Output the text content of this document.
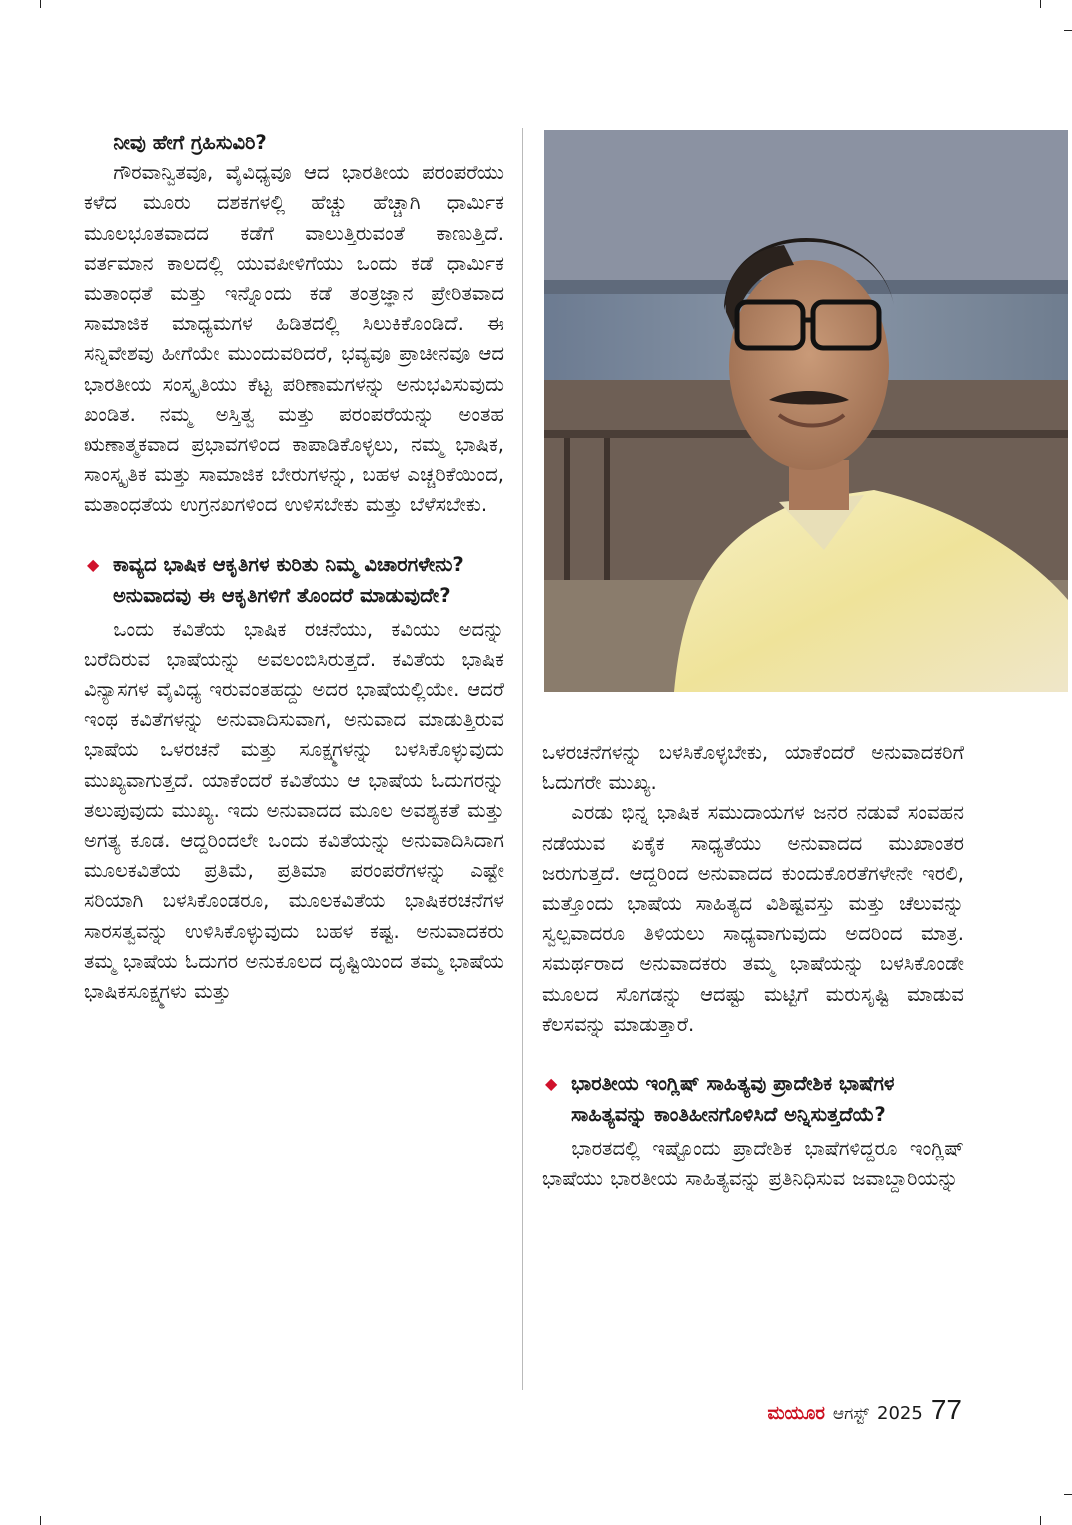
ನೀವು ಹೇಗೆ ಗ್ರಹಿಸುವಿರಿ?

ಗೌರವಾನ್ವಿತವೂ, ವೈವಿಧ್ಯವೂ ಆದ ಭಾರತೀಯ ಪರಂಪರೆಯು ಕಳೆದ ಮೂರು ದಶಕಗಳಲ್ಲಿ ಹೆಚ್ಚು ಹೆಚ್ಚಾಗಿ ಧಾರ್ಮಿಕ ಮೂಲಭೂತವಾದದ ಕಡೆಗೆ ವಾಲುತ್ತಿರುವಂತೆ ಕಾಣುತ್ತಿದೆ. ವರ್ತಮಾನ ಕಾಲದಲ್ಲಿ ಯುವಪೀಳಿಗೆಯು ಒಂದು ಕಡೆ ಧಾರ್ಮಿಕ ಮತಾಂಧತೆ ಮತ್ತು ಇನ್ನೊಂದು ಕಡೆ ತಂತ್ರಜ್ಞಾನ ಪ್ರೇರಿತವಾದ ಸಾಮಾಜಿಕ ಮಾಧ್ಯಮಗಳ ಹಿಡಿತದಲ್ಲಿ ಸಿಲುಕಿಕೊಂಡಿದೆ. ಈ ಸನ್ನಿವೇಶವು ಹೀಗೆಯೇ ಮುಂದುವರಿದರೆ, ಭವ್ಯವೂ ಪ್ರಾಚೀನವೂ ಆದ ಭಾರತೀಯ ಸಂಸ್ಕೃತಿಯು ಕೆಟ್ಟ ಪರಿಣಾಮಗಳನ್ನು ಅನುಭವಿಸುವುದು ಖಂಡಿತ. ನಮ್ಮ ಅಸ್ತಿತ್ವ ಮತ್ತು ಪರಂಪರೆಯನ್ನು ಅಂತಹ ಋಣಾತ್ಮಕವಾದ ಪ್ರಭಾವಗಳಿಂದ ಕಾಪಾಡಿಕೊಳ್ಳಲು, ನಮ್ಮ ಭಾಷಿಕ, ಸಾಂಸ್ಕೃತಿಕ ಮತ್ತು ಸಾಮಾಜಿಕ ಬೇರುಗಳನ್ನು, ಬಹಳ ಎಚ್ಚರಿಕೆಯಿಂದ, ಮತಾಂಧತೆಯ ಉಗ್ರನಖಗಳಿಂದ ಉಳಿಸಬೇಕು ಮತ್ತು ಬೆಳೆಸಬೇಕು.

◆ ಕಾವ್ಯದ ಭಾಷಿಕ ಆಕೃತಿಗಳ ಕುರಿತು ನಿಮ್ಮ ವಿಚಾರಗಳೇನು? ಅನುವಾದವು ಈ ಆಕೃತಿಗಳಿಗೆ ತೊಂದರೆ ಮಾಡುವುದೇ?

ಒಂದು ಕವಿತೆಯ ಭಾಷಿಕ ರಚನೆಯು, ಕವಿಯು ಅದನ್ನು ಬರೆದಿರುವ ಭಾಷೆಯನ್ನು ಅವಲಂಬಿಸಿರುತ್ತದೆ. ಕವಿತೆಯ ಭಾಷಿಕ ವಿನ್ಯಾಸಗಳ ವೈವಿಧ್ಯ ಇರುವಂತಹದ್ದು ಅದರ ಭಾಷೆಯಲ್ಲಿಯೇ. ಆದರೆ ಇಂಥ ಕವಿತೆಗಳನ್ನು ಅನುವಾದಿಸುವಾಗ, ಅನುವಾದ ಮಾಡುತ್ತಿರುವ ಭಾಷೆಯ ಒಳರಚನೆ ಮತ್ತು ಸೂಕ್ಷ್ಮಗಳನ್ನು ಬಳಸಿಕೊಳ್ಳುವುದು ಮುಖ್ಯವಾಗುತ್ತದೆ. ಯಾಕೆಂದರೆ ಕವಿತೆಯು ಆ ಭಾಷೆಯ ಓದುಗರನ್ನು ತಲುಪುವುದು ಮುಖ್ಯ. ಇದು ಅನುವಾದದ ಮೂಲ ಅವಶ್ಯಕತೆ ಮತ್ತು ಅಗತ್ಯ ಕೂಡ. ಆದ್ದರಿಂದಲೇ ಒಂದು ಕವಿತೆಯನ್ನು ಅನುವಾದಿಸಿದಾಗ ಮೂಲಕವಿತೆಯ ಪ್ರತಿಮೆ, ಪ್ರತಿಮಾ ಪರಂಪರೆಗಳನ್ನು ಎಷ್ಟೇ ಸರಿಯಾಗಿ ಬಳಸಿಕೊಂಡರೂ, ಮೂಲಕವಿತೆಯ ಭಾಷಿಕರಚನೆಗಳ ಸಾರಸತ್ವವನ್ನು ಉಳಿಸಿಕೊಳ್ಳುವುದು ಬಹಳ ಕಷ್ಟ. ಅನುವಾದಕರು ತಮ್ಮ ಭಾಷೆಯ ಓದುಗರ ಅನುಕೂಲದ ದೃಷ್ಟಿಯಿಂದ ತಮ್ಮ ಭಾಷೆಯ ಭಾಷಿಕಸೂಕ್ಷ್ಮಗಳು ಮತ್ತು

ಒಳರಚನೆಗಳನ್ನು ಬಳಸಿಕೊಳ್ಳಬೇಕು, ಯಾಕೆಂದರೆ ಅನುವಾದಕರಿಗೆ ಓದುಗರೇ ಮುಖ್ಯ.

ಎರಡು ಭಿನ್ನ ಭಾಷಿಕ ಸಮುದಾಯಗಳ ಜನರ ನಡುವೆ ಸಂವಹನ ನಡೆಯುವ ಏಕೈಕ ಸಾಧ್ಯತೆಯು ಅನುವಾದದ ಮುಖಾಂತರ ಜರುಗುತ್ತದೆ. ಆದ್ದರಿಂದ ಅನುವಾದದ ಕುಂದುಕೊರತೆಗಳೇನೇ ಇರಲಿ, ಮತ್ತೊಂದು ಭಾಷೆಯ ಸಾಹಿತ್ಯದ ವಿಶಿಷ್ಟವಸ್ತು ಮತ್ತು ಚೆಲುವನ್ನು ಸ್ವಲ್ಪವಾದರೂ ತಿಳಿಯಲು ಸಾಧ್ಯವಾಗುವುದು ಅದರಿಂದ ಮಾತ್ರ. ಸಮರ್ಥರಾದ ಅನುವಾದಕರು ತಮ್ಮ ಭಾಷೆಯನ್ನು ಬಳಸಿಕೊಂಡೇ ಮೂಲದ ಸೊಗಡನ್ನು ಆದಷ್ಟು ಮಟ್ಟಿಗೆ ಮರುಸೃಷ್ಟಿ ಮಾಡುವ ಕೆಲಸವನ್ನು ಮಾಡುತ್ತಾರೆ.

◆ ಭಾರತೀಯ ಇಂಗ್ಲಿಷ್ ಸಾಹಿತ್ಯವು ಪ್ರಾದೇಶಿಕ ಭಾಷೆಗಳ ಸಾಹಿತ್ಯವನ್ನು ಕಾಂತಿಹೀನಗೊಳಿಸಿದೆ ಅನ್ನಿಸುತ್ತದೆಯೆ?

ಭಾರತದಲ್ಲಿ ಇಷ್ಟೊಂದು ಪ್ರಾದೇಶಿಕ ಭಾಷೆಗಳಿದ್ದರೂ ಇಂಗ್ಲಿಷ್ ಭಾಷೆಯು ಭಾರತೀಯ ಸಾಹಿತ್ಯವನ್ನು ಪ್ರತಿನಿಧಿಸುವ ಜವಾಬ್ದಾರಿಯನ್ನು

ಮಯೂರ ಆಗಸ್ಟ್ 2025 77
